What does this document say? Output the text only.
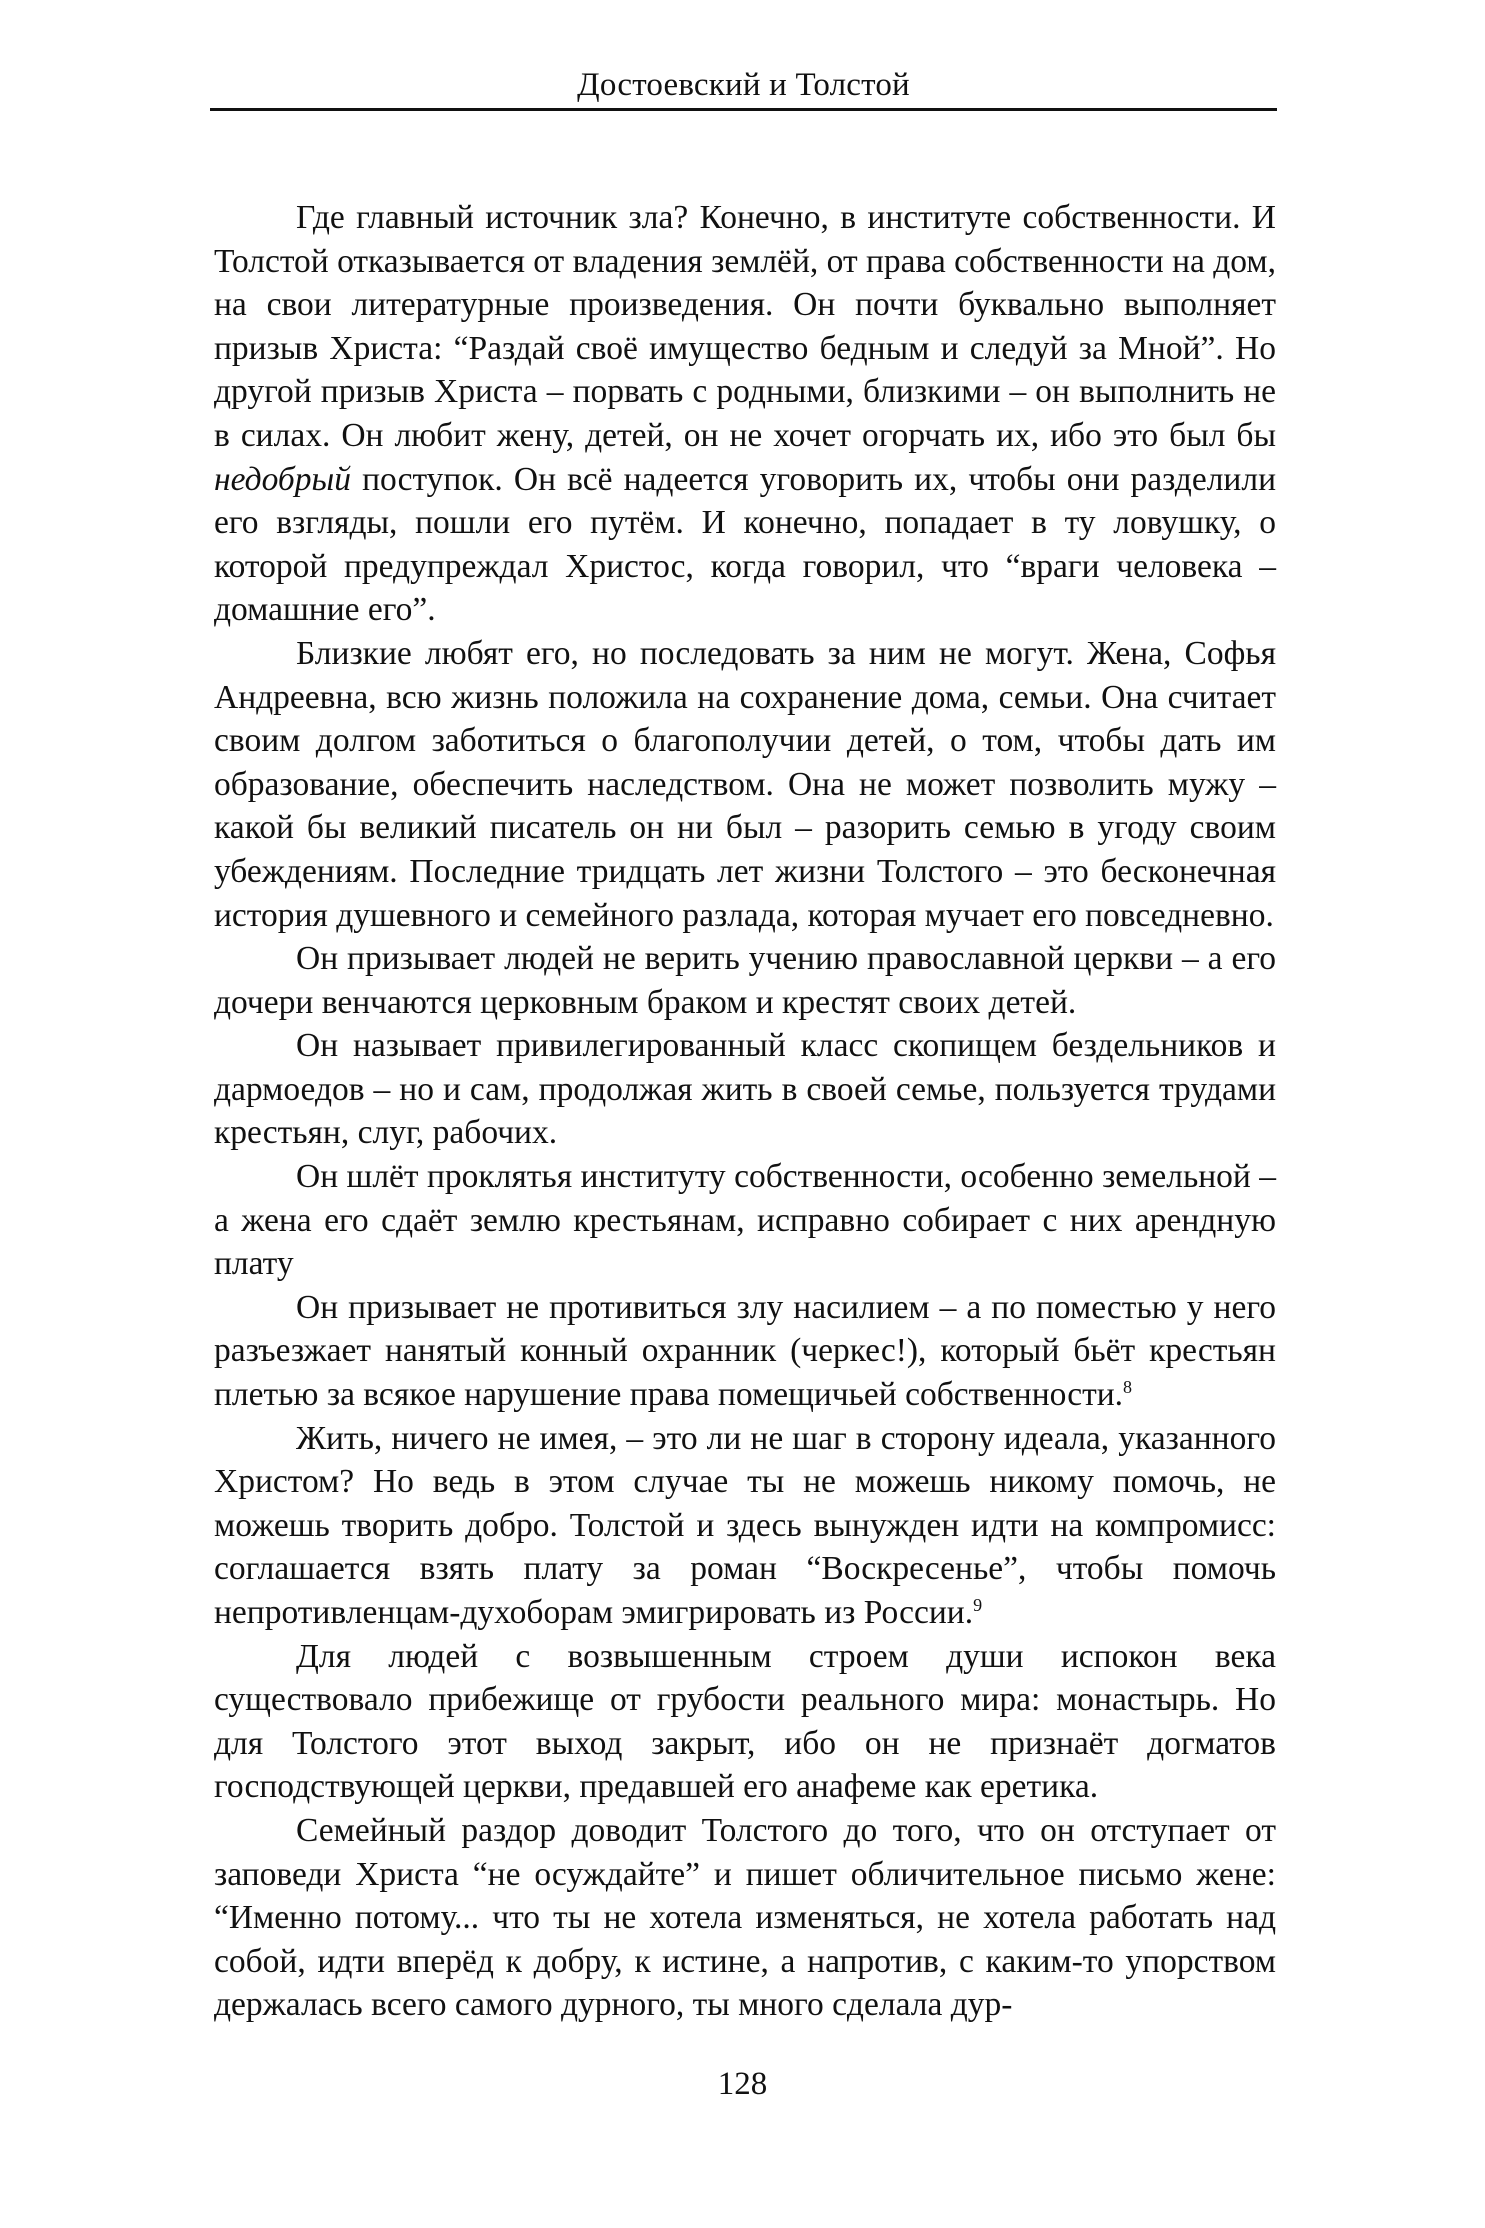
Достоевский и Толстой

Где главный источник зла? Конечно, в институте собственности. И Толстой отказывается от владения землёй, от права собственности на дом, на свои литературные произведения. Он почти буквально выполняет призыв Христа: “Раздай своё имущество бедным и следуй за Мной”. Но другой призыв Христа – порвать с родными, близкими – он выполнить не в силах. Он любит жену, детей, он не хочет огорчать их, ибо это был бы недобрый поступок. Он всё надеется уговорить их, чтобы они разделили его взгляды, пошли его путём. И конечно, попадает в ту ловушку, о которой предупреждал Христос, когда говорил, что “враги человека – домашние его”.

Близкие любят его, но последовать за ним не могут. Жена, Софья Андреевна, всю жизнь положила на сохранение дома, семьи. Она считает своим долгом заботиться о благополучии детей, о том, чтобы дать им образование, обеспечить наследством. Она не может позволить мужу – какой бы великий писатель он ни был – разорить семью в угоду своим убеждениям. Последние тридцать лет жизни Толстого – это бесконечная история душевного и семейного разлада, которая мучает его повседневно.

Он призывает людей не верить учению православной церкви – а его дочери венчаются церковным браком и крестят своих детей.

Он называет привилегированный класс скопищем бездельников и дармоедов – но и сам, продолжая жить в своей семье, пользуется трудами крестьян, слуг, рабочих.

Он шлёт проклятья институту собственности, особенно земельной – а жена его сдаёт землю крестьянам, исправно собирает с них арендную плату

Он призывает не противиться злу насилием – а по поместью у него разъезжает нанятый конный охранник (черкес!), который бьёт крестьян плетью за всякое нарушение права помещичьей собственности.$^8$

Жить, ничего не имея, – это ли не шаг в сторону идеала, указанного Христом? Но ведь в этом случае ты не можешь никому помочь, не можешь творить добро. Толстой и здесь вынужден идти на компромисс: соглашается взять плату за роман “Воскресенье”, чтобы помочь непротивленцам-духоборам эмигрировать из России.$^9$

Для людей с возвышенным строем души испокон века существовало прибежище от грубости реального мира: монастырь. Но для Толстого этот выход закрыт, ибо он не признаёт догматов господствующей церкви, предавшей его анафеме как еретика.

Семейный раздор доводит Толстого до того, что он отступает от заповеди Христа “не осуждайте” и пишет обличительное письмо жене: “Именно потому... что ты не хотела изменяться, не хотела работать над собой, идти вперёд к добру, к истине, а напротив, с каким-то упорством держалась всего самого дурного, ты много сделала дур-

128
